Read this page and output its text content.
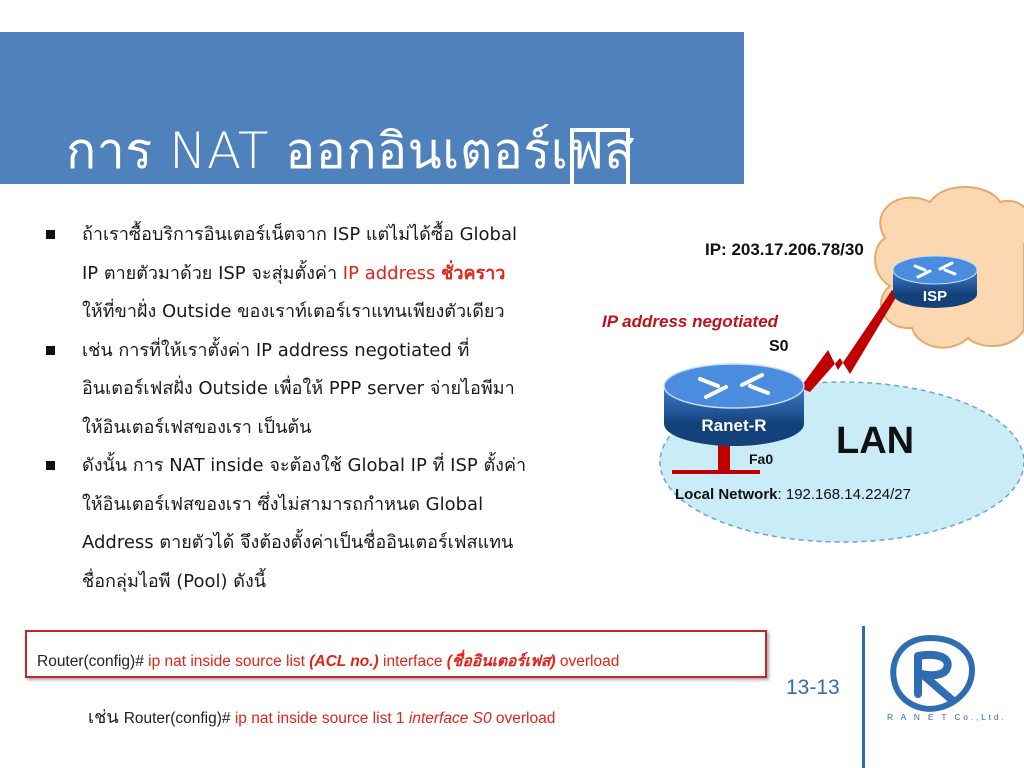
การ NAT ออกอินเตอร์เฟส
ISP
Ranet-R
IP: 203.17.206.78/30
IP address negotiated
S0
Fa0 LAN
Local Network: 192.168.14.224/27
ถ้าเราซื้อบริการอินเตอร์เน็ตจาก ISP แต่ไม่ได้ซื้อ Global
IP ตายตัวมาด้วย ISP จะสุ่มตั้งค่า IP address ชั่วคราว
ให้ที่ขาฝั่ง Outside ของเราท์เตอร์เราแทนเพียงตัวเดียว
เช่น การที่ให้เราตั้งค่า IP address negotiated ที่
อินเตอร์เฟสฝั่ง Outside เพื่อให้ PPP server จ่ายไอพีมา
ให้อินเตอร์เฟสของเรา เป็นต้น
ดังนั้น การ NAT inside จะต้องใช้ Global IP ที่ ISP ตั้งค่า
ให้อินเตอร์เฟสของเรา ซึ่งไม่สามารถกำหนด Global
Address ตายตัวได้ จึงต้องตั้งค่าเป็นชื่ออินเตอร์เฟสแทน
ชื่อกลุ่มไอพี (Pool) ดังนี้
Router(config)# ip nat inside source list (ACL no.) interface (ชื่ออินเตอร์เฟส) overload
เช่น Router(config)# ip nat inside source list 1 interface S0 overload
13-13
R A N E T Co.,Ltd.
